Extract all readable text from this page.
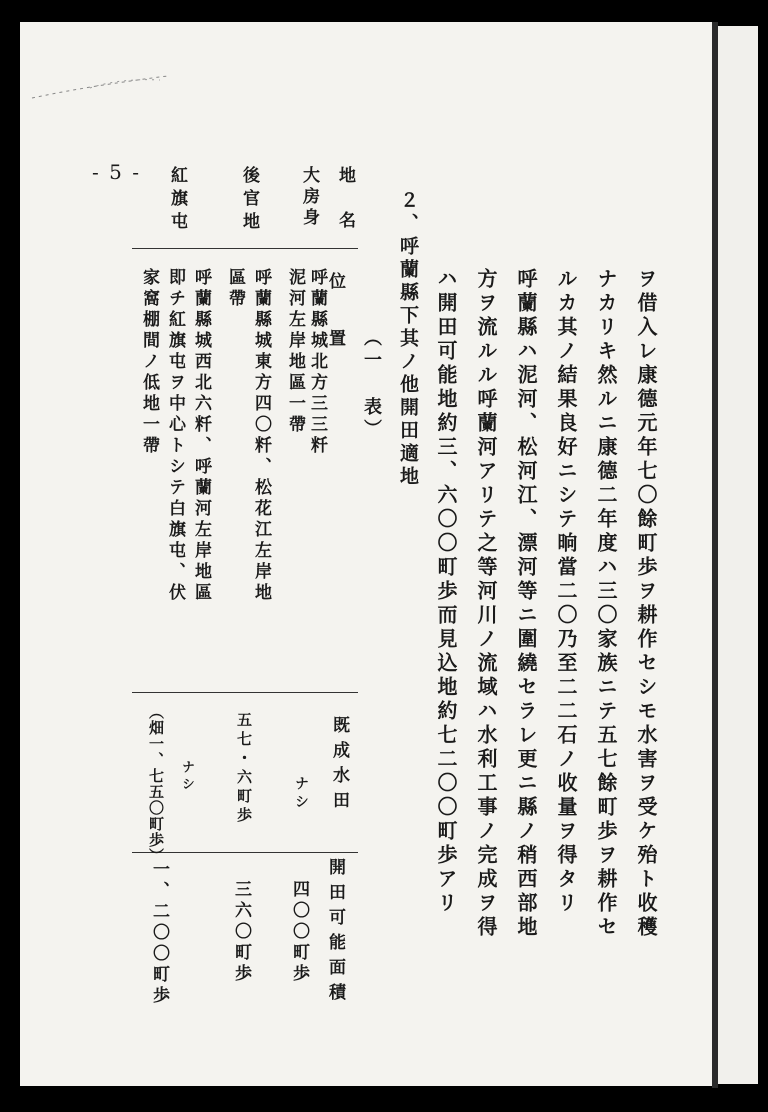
ヲ借入レ康德元年七〇餘町歩ヲ耕作セシモ水害ヲ受ケ殆ト收穫
ナカリキ然ルニ康德二年度ハ三〇家族ニテ五七餘町歩ヲ耕作セ
ルカ其ノ結果良好ニシテ晌當二〇乃至二二石ノ收量ヲ得タリ
呼蘭縣ハ泥河、松河江、漂河等ニ圍繞セラレ更ニ縣ノ稍西部地
方ヲ流ルル呼蘭河アリテ之等河川ノ流域ハ水利工事ノ完成ヲ得
ハ開田可能地約三、六〇〇町歩而見込地約七二〇〇町歩アリ
２、呼蘭縣下其ノ他開田適地
（一 表）
地名
位置
既成水田
開田可能面積
大房身
呼蘭縣城北方三三粁
泥河左岸地區一帶
ナシ
四〇〇町歩
後官地
呼蘭縣城東方四〇粁、松花江左岸地
區帶
五七・六町歩
三六〇町歩
紅旗屯
呼蘭縣城西北六粁、呼蘭河左岸地區
即チ紅旗屯ヲ中心トシテ白旗屯、伏
家窩棚間ノ低地一帶
ナシ
（畑一、七五〇町歩）
一、二〇〇町歩
- 5 -
